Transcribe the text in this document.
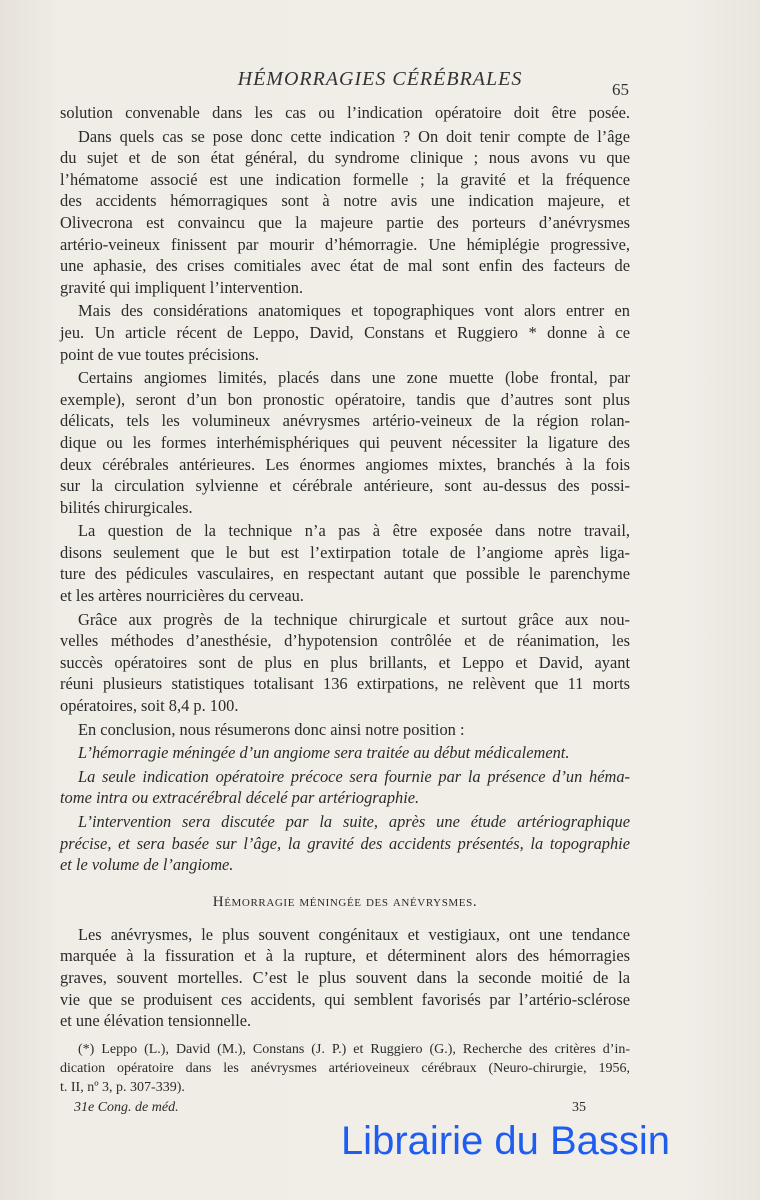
HÉMORRAGIES CÉRÉBRALES	65
solution convenable dans les cas ou l’indication opératoire doit être posée.
Dans quels cas se pose donc cette indication ? On doit tenir compte de l’âge
du sujet et de son état général, du syndrome clinique ; nous avons vu que
l’hématome associé est une indication formelle ; la gravité et la fréquence
des accidents hémorragiques sont à notre avis une indication majeure, et
Olivecrona est convaincu que la majeure partie des porteurs d’anévrysmes
artério-veineux finissent par mourir d’hémorragie. Une hémiplégie progressive,
une aphasie, des crises comitiales avec état de mal sont enfin des facteurs de
gravité qui impliquent l’intervention.
Mais des considérations anatomiques et topographiques vont alors entrer en
jeu. Un article récent de Leppo, David, Constans et Ruggiero * donne à ce
point de vue toutes précisions.
Certains angiomes limités, placés dans une zone muette (lobe frontal, par
exemple), seront d’un bon pronostic opératoire, tandis que d’autres sont plus
délicats, tels les volumineux anévrysmes artério-veineux de la région rolan-
dique ou les formes interhémisphériques qui peuvent nécessiter la ligature des
deux cérébrales antérieures. Les énormes angiomes mixtes, branchés à la fois
sur la circulation sylvienne et cérébrale antérieure, sont au-dessus des possi-
bilités chirurgicales.
La question de la technique n’a pas à être exposée dans notre travail,
disons seulement que le but est l’extirpation totale de l’angiome après liga-
ture des pédicules vasculaires, en respectant autant que possible le parenchyme
et les artères nourricières du cerveau.
Grâce aux progrès de la technique chirurgicale et surtout grâce aux nou-
velles méthodes d’anesthésie, d’hypotension contrôlée et de réanimation, les
succès opératoires sont de plus en plus brillants, et Leppo et David, ayant
réuni plusieurs statistiques totalisant 136 extirpations, ne relèvent que 11 morts
opératoires, soit 8,4 p. 100.
En conclusion, nous résumerons donc ainsi notre position :
L’hémorragie méningée d’un angiome sera traitée au début médicalement.
La seule indication opératoire précoce sera fournie par la présence d’un héma-
tome intra ou extracérébral décelé par artériographie.
L’intervention sera discutée par la suite, après une étude artériographique
précise, et sera basée sur l’âge, la gravité des accidents présentés, la topographie
et le volume de l’angiome.
Hémorragie méningée des anévrysmes.
Les anévrysmes, le plus souvent congénitaux et vestigiaux, ont une tendance
marquée à la fissuration et à la rupture, et déterminent alors des hémorragies
graves, souvent mortelles. C’est le plus souvent dans la seconde moitié de la
vie que se produisent ces accidents, qui semblent favorisés par l’artério-sclérose
et une élévation tensionnelle.
(*) Leppo (L.), David (M.), Constans (J. P.) et Ruggiero (G.), Recherche des critères d’in-
dication opératoire dans les anévrysmes artérioveineux cérébraux (Neuro-chirurgie, 1956,
t. II, nº 3, p. 307-339).
31e Cong. de méd.	35
Librairie du Bassin
